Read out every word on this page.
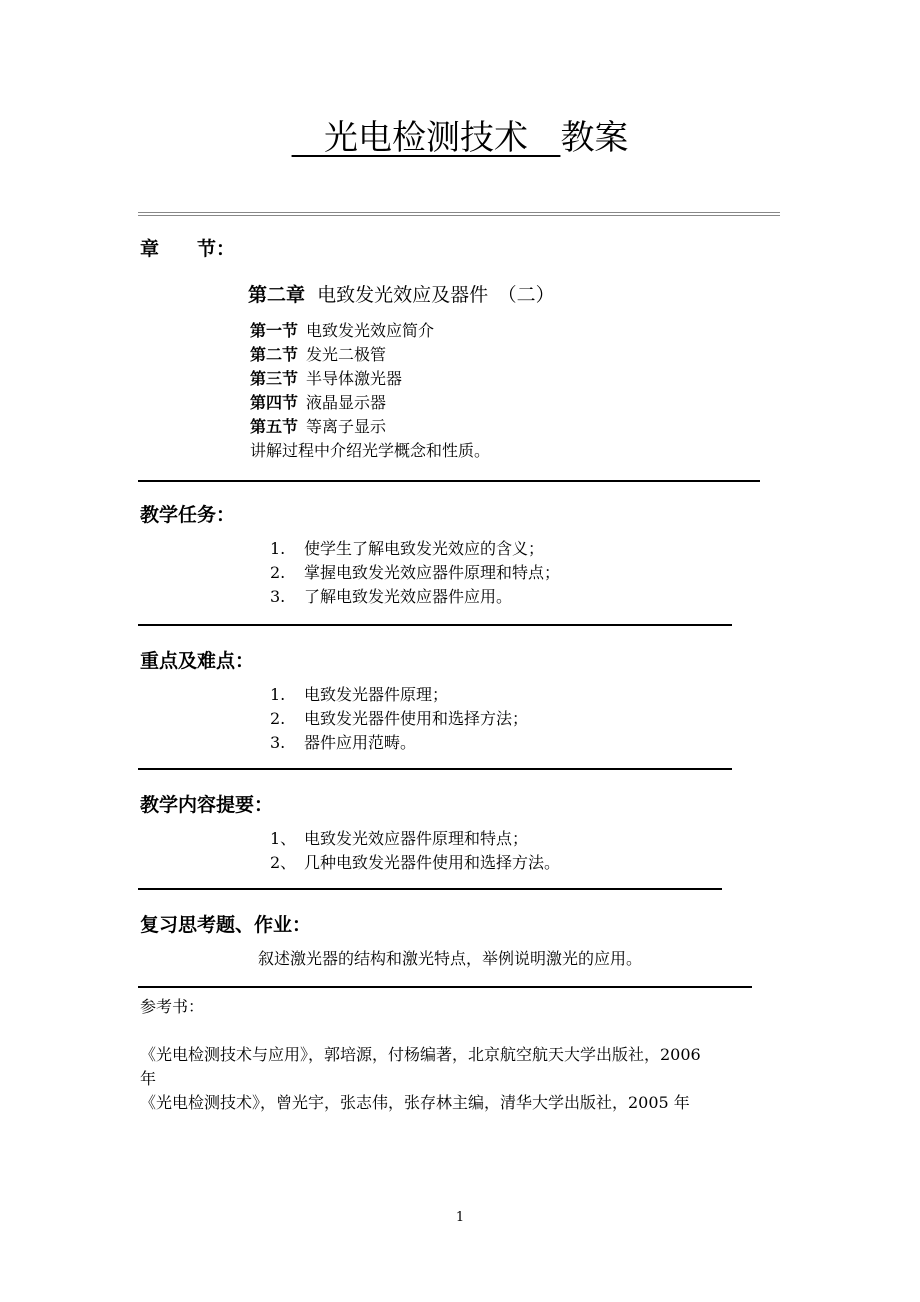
光电检测技术 教案
章　　节：
第二章 电致发光效应及器件　（二）
第一节 电致发光效应简介
第二节 发光二极管
第三节 半导体激光器
第四节 液晶显示器
第五节 等离子显示
讲解过程中介绍光学概念和性质。
教学任务：
1. 使学生了解电致发光效应的含义；
2. 掌握电致发光效应器件原理和特点；
3. 了解电致发光效应器件应用。
重点及难点：
1. 电致发光器件原理；
2. 电致发光器件使用和选择方法；
3. 器件应用范畴。
教学内容提要：
1、 电致发光效应器件原理和特点；
2、 几种电致发光器件使用和选择方法。
复习思考题、作业：
叙述激光器的结构和激光特点，举例说明激光的应用。
参考书：
《光电检测技术与应用》，郭培源，付杨编著，北京航空航天大学出版社，2006
年
《光电检测技术》，曾光宇，张志伟，张存林主编，清华大学出版社，2005 年
1
